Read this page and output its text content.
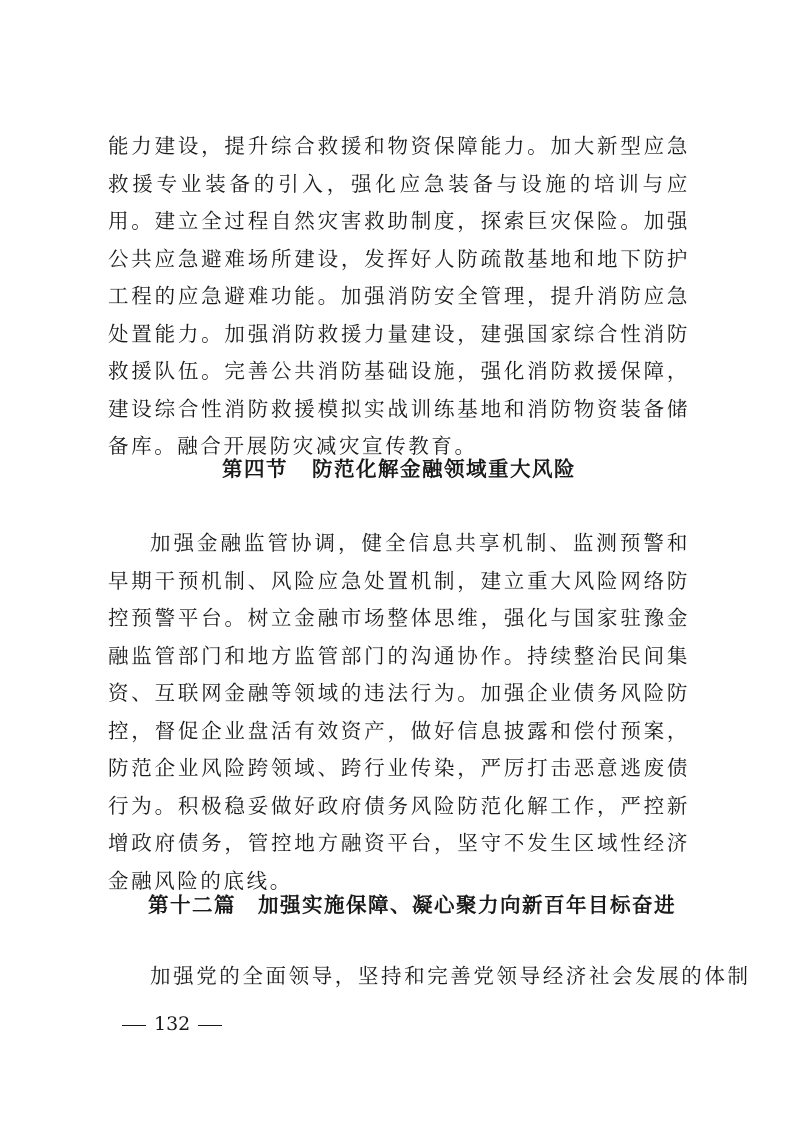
能力建设，提升综合救援和物资保障能力。加大新型应急救援专业装备的引入，强化应急装备与设施的培训与应用。建立全过程自然灾害救助制度，探索巨灾保险。加强公共应急避难场所建设，发挥好人防疏散基地和地下防护工程的应急避难功能。加强消防安全管理，提升消防应急处置能力。加强消防救援力量建设，建强国家综合性消防救援队伍。完善公共消防基础设施，强化消防救援保障，建设综合性消防救援模拟实战训练基地和消防物资装备储备库。融合开展防灾减灾宣传教育。

第四节 防范化解金融领域重大风险

加强金融监管协调，健全信息共享机制、监测预警和早期干预机制、风险应急处置机制，建立重大风险网络防控预警平台。树立金融市场整体思维，强化与国家驻豫金融监管部门和地方监管部门的沟通协作。持续整治民间集资、互联网金融等领域的违法行为。加强企业债务风险防控，督促企业盘活有效资产，做好信息披露和偿付预案，防范企业风险跨领域、跨行业传染，严厉打击恶意逃废债行为。积极稳妥做好政府债务风险防范化解工作，严控新增政府债务，管控地方融资平台，坚守不发生区域性经济金融风险的底线。

第十二篇 加强实施保障、凝心聚力向新百年目标奋进

加强党的全面领导，坚持和完善党领导经济社会发展的体制

132
